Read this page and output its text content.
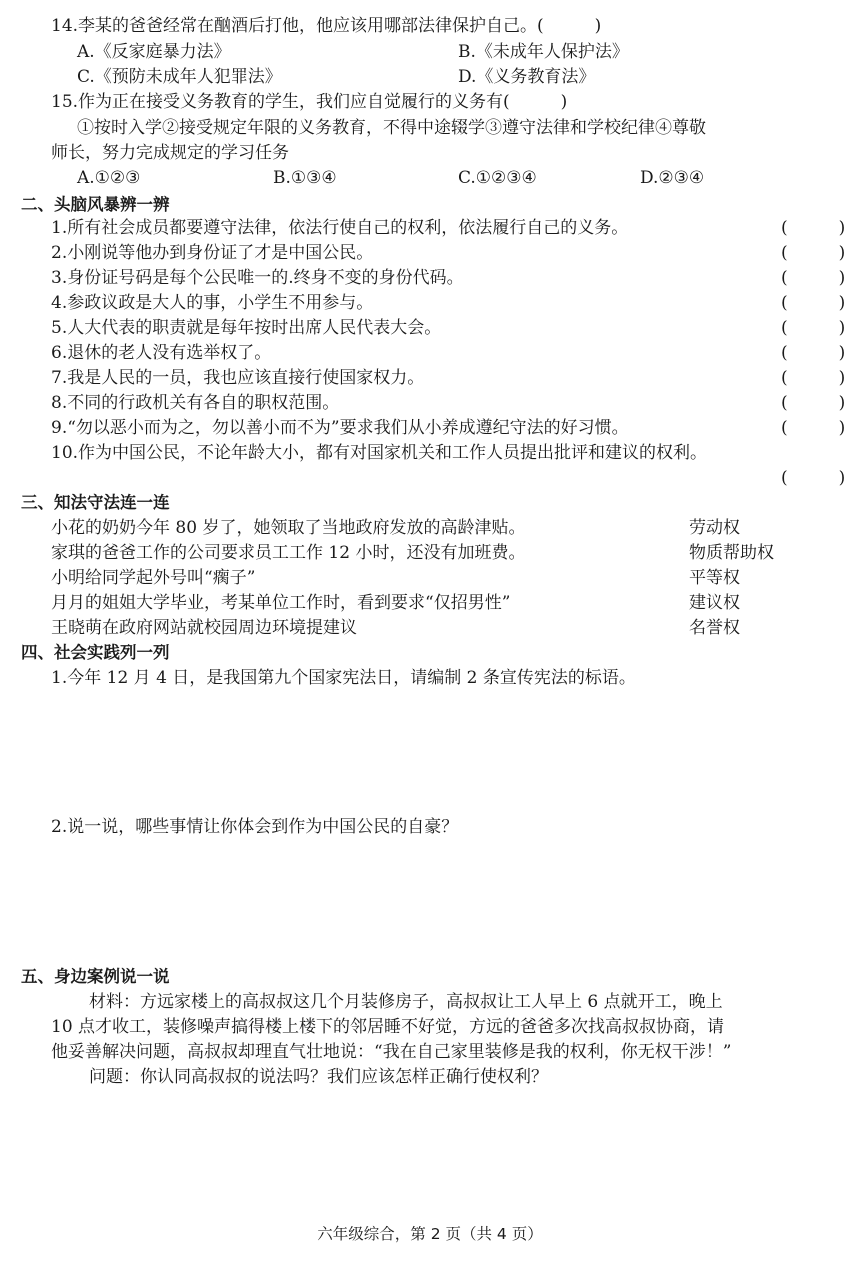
14.李某的爸爸经常在酗酒后打他，他应该用哪部法律保护自己。(　　　)
A.《反家庭暴力法》	B.《未成年人保护法》
C.《预防未成年人犯罪法》	D.《义务教育法》
15.作为正在接受义务教育的学生，我们应自觉履行的义务有(　　　)
①按时入学②接受规定年限的义务教育，不得中途辍学③遵守法律和学校纪律④尊敬
师长，努力完成规定的学习任务
A.①②③	B.①③④	C.①②③④	D.②③④
二、头脑风暴辨一辨
1.所有社会成员都要遵守法律，依法行使自己的权利，依法履行自己的义务。	(　　　)
2.小刚说等他办到身份证了才是中国公民。	(　　　)
3.身份证号码是每个公民唯一的.终身不变的身份代码。	(　　　)
4.参政议政是大人的事，小学生不用参与。	(　　　)
5.人大代表的职责就是每年按时出席人民代表大会。	(　　　)
6.退休的老人没有选举权了。	(　　　)
7.我是人民的一员，我也应该直接行使国家权力。	(　　　)
8.不同的行政机关有各自的职权范围。	(　　　)
9.“勿以恶小而为之，勿以善小而不为”要求我们从小养成遵纪守法的好习惯。	(　　　)
10.作为中国公民，不论年龄大小，都有对国家机关和工作人员提出批评和建议的权利。
(　　　)
三、知法守法连一连
小花的奶奶今年 80 岁了，她领取了当地政府发放的高龄津贴。	劳动权
家琪的爸爸工作的公司要求员工工作 12 小时，还没有加班费。	物质帮助权
小明给同学起外号叫“瘸子”	平等权
月月的姐姐大学毕业，考某单位工作时，看到要求“仅招男性”	建议权
王晓萌在政府网站就校园周边环境提建议	名誉权
四、社会实践列一列
1.今年 12 月 4 日，是我国第九个国家宪法日，请编制 2 条宣传宪法的标语。
2.说一说，哪些事情让你体会到作为中国公民的自豪？
五、身边案例说一说
材料：方远家楼上的高叔叔这几个月装修房子，高叔叔让工人早上 6 点就开工，晚上
10 点才收工，装修噪声搞得楼上楼下的邻居睡不好觉，方远的爸爸多次找高叔叔协商，请
他妥善解决问题，高叔叔却理直气壮地说：“我在自己家里装修是我的权利，你无权干涉！”
问题：你认同高叔叔的说法吗？我们应该怎样正确行使权利？
六年级综合，第 2 页（共 4 页）
